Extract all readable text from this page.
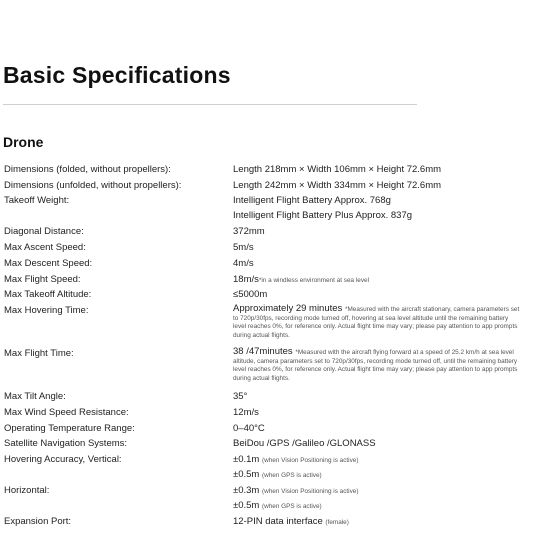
Basic Specifications
Drone
Dimensions (folded, without propellers):	Length 218mm × Width 106mm × Height 72.6mm
Dimensions (unfolded, without propellers):	Length 242mm × Width 334mm × Height 72.6mm
Takeoff Weight:	Intelligent Flight Battery Approx. 768g
Intelligent Flight Battery Plus Approx. 837g
Diagonal Distance:	372mm
Max Ascent Speed:	5m/s
Max Descent Speed:	4m/s
Max Flight Speed:	18m/s*in a windless environment at sea level
Max Takeoff Altitude:	≤5000m
Max Hovering Time:	Approximately 29 minutes *Measured with the aircraft stationary, camera parameters set to 720p/30fps, recording mode turned off, hovering at sea level altitude until the remaining battery level reaches 0%, for reference only. Actual flight time may vary; please pay attention to app prompts during actual flights.
Max Flight Time:	38 /47minutes *Measured with the aircraft flying forward at a speed of 25.2 km/h at sea level altitude, camera parameters set to 720p/30fps, recording mode turned off, until the remaining battery level reaches 0%, for reference only. Actual flight time may vary; please pay attention to app prompts during actual flights.
Max Tilt Angle:	35°
Max Wind Speed Resistance:	12m/s
Operating Temperature Range:	0–40°C
Satellite Navigation Systems:	BeiDou /GPS /Galileo /GLONASS
Hovering Accuracy, Vertical:	±0.1m (when Vision Positioning is active)
±0.5m (when GPS is active)
Horizontal:	±0.3m (when Vision Positioning is active)
±0.5m (when GPS is active)
Expansion Port:	12-PIN data interface (female)
